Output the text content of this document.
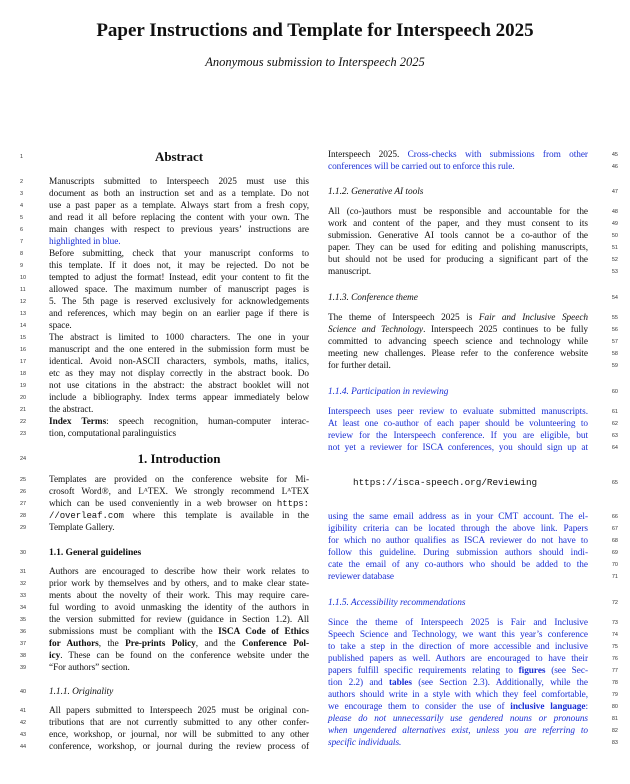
Paper Instructions and Template for Interspeech 2025
Anonymous submission to Interspeech 2025
Abstract
Manuscripts submitted to Interspeech 2025 must use this
document as both an instruction set and as a template. Do not
use a past paper as a template. Always start from a fresh copy,
and read it all before replacing the content with your own. The
main changes with respect to previous years’ instructions are
highlighted in blue.
Before submitting, check that your manuscript conforms to
this template. If it does not, it may be rejected. Do not be
tempted to adjust the format! Instead, edit your content to fit the
allowed space. The maximum number of manuscript pages is
5. The 5th page is reserved exclusively for acknowledgements
and references, which may begin on an earlier page if there is
space.
The abstract is limited to 1000 characters. The one in your
manuscript and the one entered in the submission form must be
identical. Avoid non-ASCII characters, symbols, maths, italics,
etc as they may not display correctly in the abstract book. Do
not use citations in the abstract: the abstract booklet will not
include a bibliography. Index terms appear immediately below
the abstract.
Index Terms: speech recognition, human-computer interac-
tion, computational paralinguistics
1. Introduction
Templates are provided on the conference website for Mi-
crosoft Word®, and LᴬTEX. We strongly recommend LᴬTEX
which can be used conveniently in a web browser on https:
//overleaf.com where this template is available in the
Template Gallery.
1.1. General guidelines
Authors are encouraged to describe how their work relates to
prior work by themselves and by others, and to make clear state-
ments about the novelty of their work. This may require care-
ful wording to avoid unmasking the identity of the authors in
the version submitted for review (guidance in Section 1.2). All
submissions must be compliant with the ISCA Code of Ethics
for Authors, the Pre-prints Policy, and the Conference Pol-
icy. These can be found on the conference website under the
“For authors” section.
1.1.1. Originality
All papers submitted to Interspeech 2025 must be original con-
tributions that are not currently submitted to any other confer-
ence, workshop, or journal, nor will be submitted to any other
conference, workshop, or journal during the review process of
Interspeech 2025. Cross-checks with submissions from other
conferences will be carried out to enforce this rule.
1.1.2. Generative AI tools
All (co-)authors must be responsible and accountable for the
work and content of the paper, and they must consent to its
submission. Generative AI tools cannot be a co-author of the
paper. They can be used for editing and polishing manuscripts,
but should not be used for producing a significant part of the
manuscript.
1.1.3. Conference theme
The theme of Interspeech 2025 is Fair and Inclusive Speech
Science and Technology. Interspeech 2025 continues to be fully
committed to advancing speech science and technology while
meeting new challenges. Please refer to the conference website
for further detail.
1.1.4. Participation in reviewing
Interspeech uses peer review to evaluate submitted manuscripts.
At least one co-author of each paper should be volunteering to
review for the Interspeech conference. If you are eligible, but
not yet a reviewer for ISCA conferences, you should sign up at
https://isca-speech.org/Reviewing
using the same email address as in your CMT account. The el-
igibility criteria can be located through the above link. Papers
for which no author qualifies as ISCA reviewer do not have to
follow this guideline. During submission authors should indi-
cate the email of any co-authors who should be added to the
reviewer database
1.1.5. Accessibility recommendations
Since the theme of Interspeech 2025 is Fair and Inclusive
Speech Science and Technology, we want this year’s conference
to take a step in the direction of more accessible and inclusive
published papers as well. Authors are encouraged to have their
papers fulfill specific requirements relating to figures (see Sec-
tion 2.2) and tables (see Section 2.3). Additionally, while the
authors should write in a style with which they feel comfortable,
we encourage them to consider the use of inclusive language:
please do not unnecessarily use gendered nouns or pronouns
when ungendered alternatives exist, unless you are referring to
specific individuals.
1
2
3
4
5
6
7
8
9
10
11
12
13
14
15
16
17
18
19
20
21
22
23
24
25
26
27
28
29
30
31
32
33
34
35
36
37
38
39
40
41
42
43
44
45
46
47
48
49
50
51
52
53
54
55
56
57
58
59
60
61
62
63
64
65
66
67
68
69
70
71
72
73
74
75
76
77
78
79
80
81
82
83
